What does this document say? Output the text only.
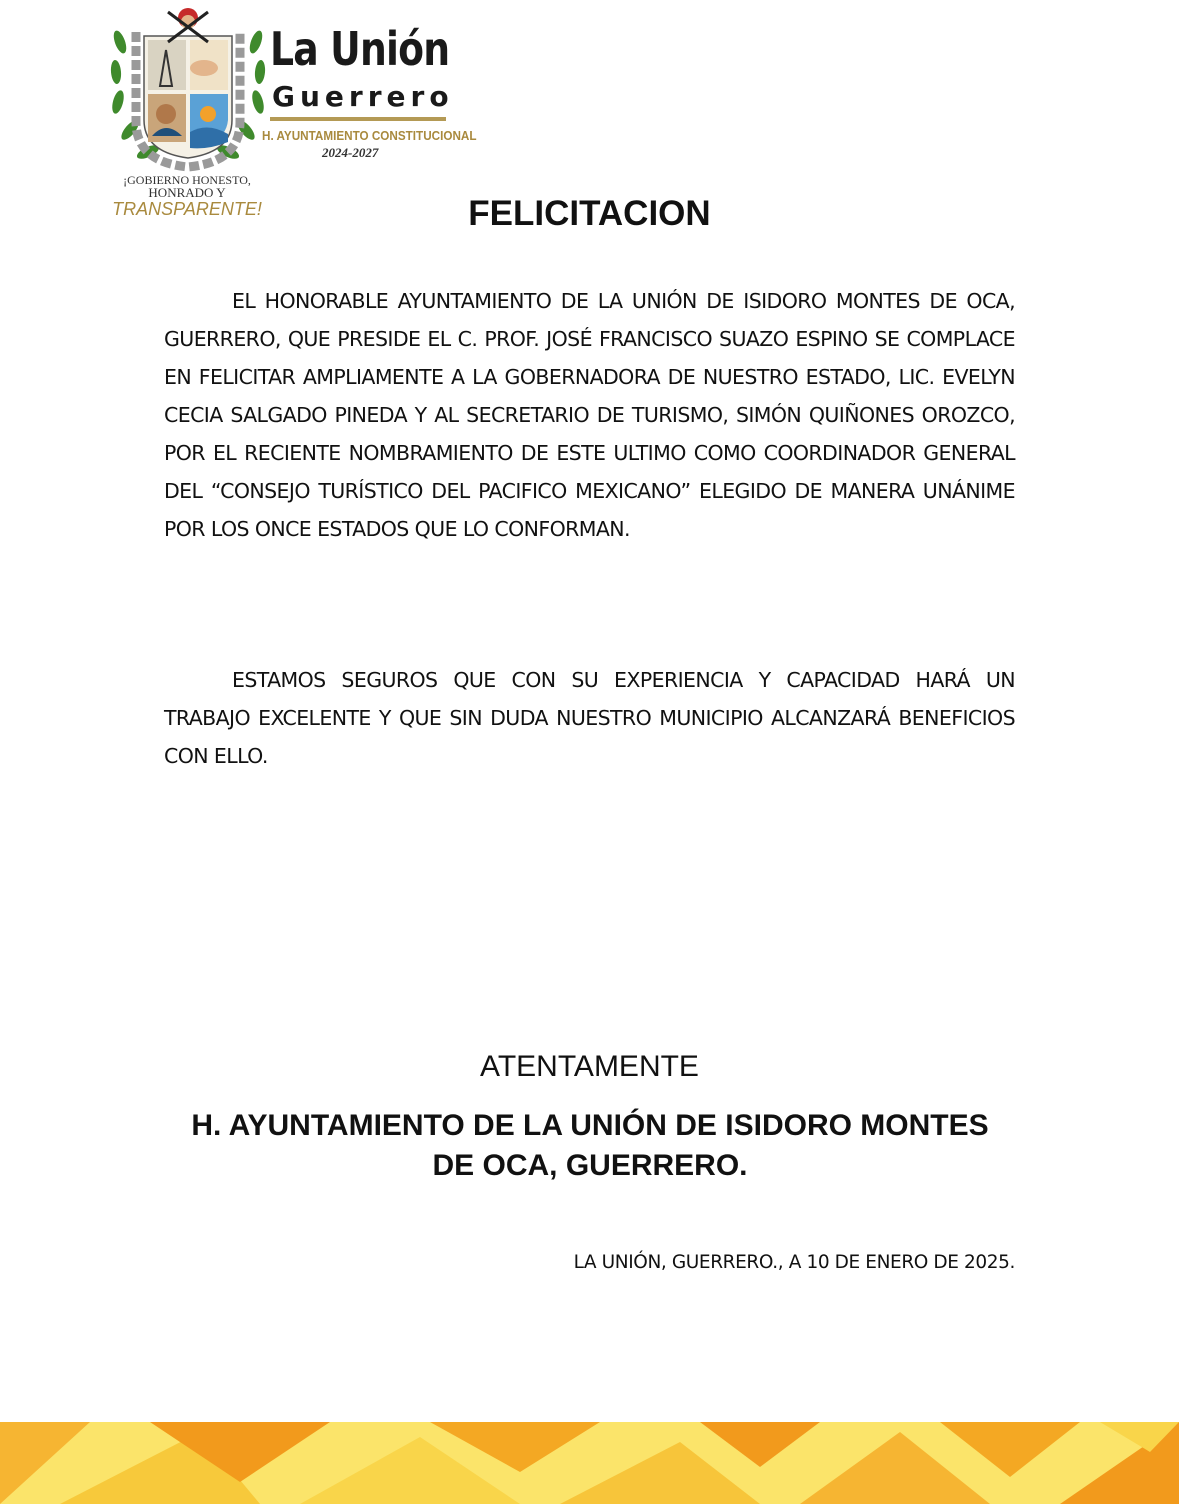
La Unión
Guerrero
H. AYUNTAMIENTO CONSTITUCIONAL
2024-2027
¡GOBIERNO HONESTO,
HONRADO Y
TRANSPARENTE!	FELICITACION

EL HONORABLE AYUNTAMIENTO DE LA UNIÓN DE ISIDORO MONTES DE OCA, GUERRERO, QUE PRESIDE EL C. PROF. JOSÉ FRANCISCO SUAZO ESPINO SE COMPLACE EN FELICITAR AMPLIAMENTE A LA GOBERNADORA DE NUESTRO ESTADO, LIC. EVELYN CECIA SALGADO PINEDA Y AL SECRETARIO DE TURISMO, SIMÓN QUIÑONES OROZCO, POR EL RECIENTE NOMBRAMIENTO DE ESTE ULTIMO COMO COORDINADOR GENERAL DEL “CONSEJO TURÍSTICO DEL PACIFICO MEXICANO” ELEGIDO DE MANERA UNÁNIME POR LOS ONCE ESTADOS QUE LO CONFORMAN.

ESTAMOS SEGUROS QUE CON SU EXPERIENCIA Y CAPACIDAD HARÁ UN TRABAJO EXCELENTE Y QUE SIN DUDA NUESTRO MUNICIPIO ALCANZARÁ BENEFICIOS CON ELLO.

ATENTAMENTE

H. AYUNTAMIENTO DE LA UNIÓN DE ISIDORO MONTES DE OCA, GUERRERO.

LA UNIÓN, GUERRERO., A 10 DE ENERO DE 2025.
